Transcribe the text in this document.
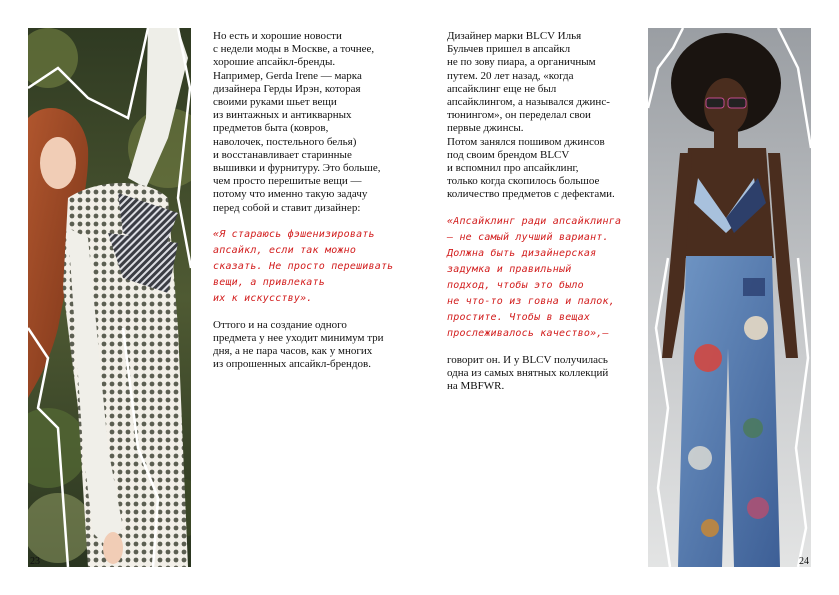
23

Но есть и хорошие новости
с недели моды в Москве, а точнее,
хорошие апсайкл-бренды.
Например, Gerda Irene — марка
дизайнера Герды Ирэн, которая
своими руками шьет вещи
из винтажных и антикварных
предметов быта (ковров,
наволочек, постельного белья)
и восстанавливает старинные
вышивки и фурнитуру. Это больше,
чем просто перешитые вещи —
потому что именно такую задачу
перед собой и ставит дизайнер:

«Я стараюсь фэшенизировать
апсайкл, если так можно
сказать. Не просто перешивать
вещи, а привлекать
их к искусству».

Оттого и на создание одного
предмета у нее уходит минимум три
дня, а не пара часов, как у многих
из опрошенных апсайкл-брендов.

Дизайнер марки BLCV Илья
Бульчев пришел в апсайкл
не по зову пиара, а органичным
путем. 20 лет назад, «когда
апсайклинг еще не был
апсайклингом, а назывался джинс-
тюнингом», он переделал свои
первые джинсы.
Потом занялся пошивом джинсов
под своим брендом BLCV
и вспомнил про апсайклинг,
только когда скопилось большое
количество предметов с дефектами.

«Апсайклинг ради апсайклинга
— не самый лучший вариант.
Должна быть дизайнерская
задумка и правильный
подход, чтобы это было
не что-то из говна и палок,
простите. Чтобы в вещах
прослеживалось качество»,—

говорит он. И у BLCV получилась
одна из самых внятных коллекций
на MBFWR.

24
